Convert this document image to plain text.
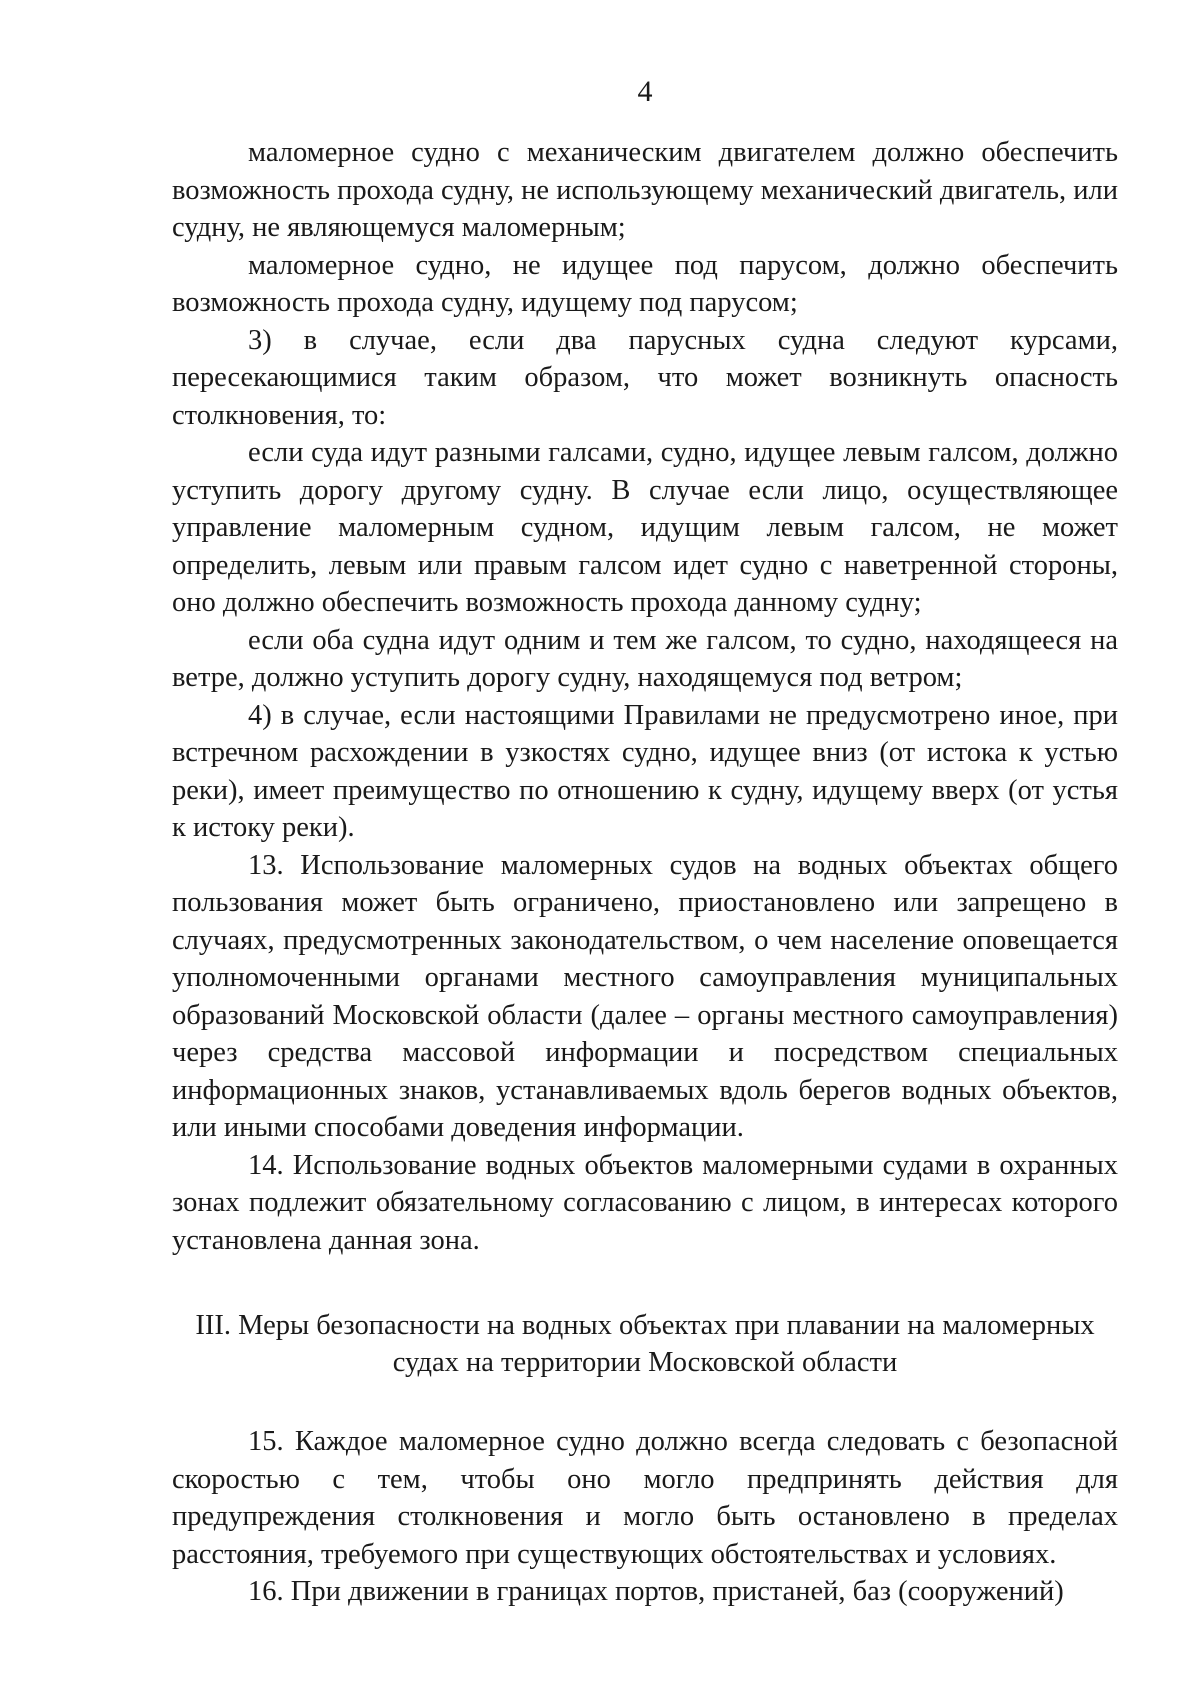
4

маломерное судно с механическим двигателем должно обеспечить возможность прохода судну, не использующему механический двигатель, или судну, не являющемуся маломерным;

маломерное судно, не идущее под парусом, должно обеспечить возможность прохода судну, идущему под парусом;

3) в случае, если два парусных судна следуют курсами, пересекающимися таким образом, что может возникнуть опасность столкновения, то:

если суда идут разными галсами, судно, идущее левым галсом, должно уступить дорогу другому судну. В случае если лицо, осуществляющее управление маломерным судном, идущим левым галсом, не может определить, левым или правым галсом идет судно с наветренной стороны, оно должно обеспечить возможность прохода данному судну;

если оба судна идут одним и тем же галсом, то судно, находящееся на ветре, должно уступить дорогу судну, находящемуся под ветром;

4) в случае, если настоящими Правилами не предусмотрено иное, при встречном расхождении в узкостях судно, идущее вниз (от истока к устью реки), имеет преимущество по отношению к судну, идущему вверх (от устья к истоку реки).

13. Использование маломерных судов на водных объектах общего пользования может быть ограничено, приостановлено или запрещено в случаях, предусмотренных законодательством, о чем население оповещается уполномоченными органами местного самоуправления муниципальных образований Московской области (далее – органы местного самоуправления) через средства массовой информации и посредством специальных информационных знаков, устанавливаемых вдоль берегов водных объектов, или иными способами доведения информации.

14. Использование водных объектов маломерными судами в охранных зонах подлежит обязательному согласованию с лицом, в интересах которого установлена данная зона.

III. Меры безопасности на водных объектах при плавании на маломерных
судах на территории Московской области

15. Каждое маломерное судно должно всегда следовать с безопасной скоростью с тем, чтобы оно могло предпринять действия для предупреждения столкновения и могло быть остановлено в пределах расстояния, требуемого при существующих обстоятельствах и условиях.

16. При движении в границах портов, пристаней, баз (сооружений)
